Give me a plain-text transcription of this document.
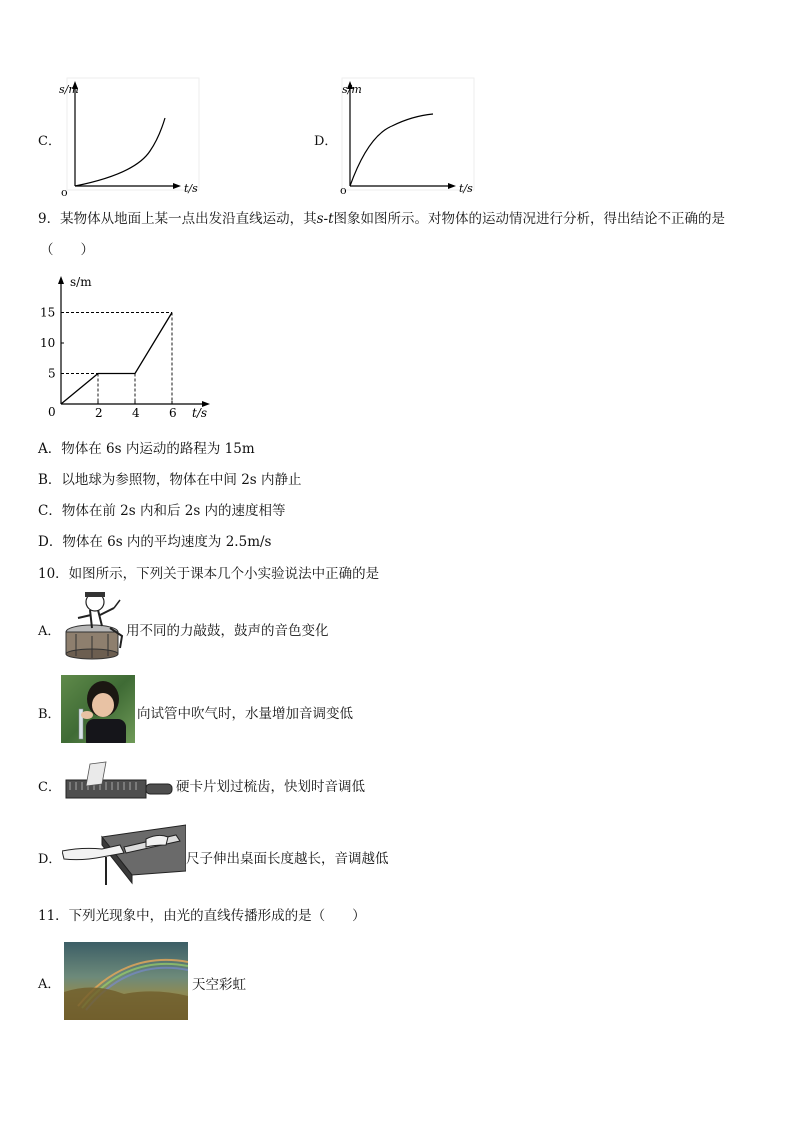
C．
s/m
t/s
o
D．
s/m
t/s
o
9．某物体从地面上某一点出发沿直线运动，其s-t图象如图所示。对物体的运动情况进行分析，得出结论不正确的是
（　　）
2 4 6
5
10
15
s/m
t/s
0
A．物体在 6s 内运动的路程为 15m
B．以地球为参照物，物体在中间 2s 内静止
C．物体在前 2s 内和后 2s 内的速度相等
D．物体在 6s 内的平均速度为 2.5m/s
10．如图所示，下列关于课本几个小实验说法中正确的是
A．	用不同的力敲鼓，鼓声的音色变化
B．	向试管中吹气时，水量增加音调变低
C．	硬卡片划过梳齿，快划时音调低
D．	尺子伸出桌面长度越长，音调越低
11．下列光现象中，由光的直线传播形成的是（　　）
A．	天空彩虹
